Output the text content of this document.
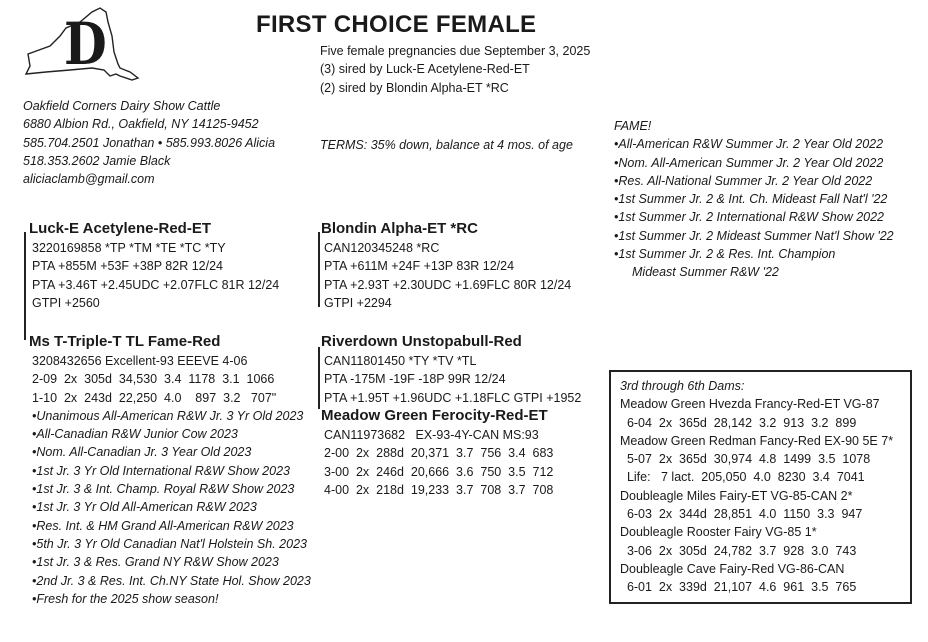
D	FIRST CHOICE FEMALE
Five female pregnancies due September 3, 2025
(3) sired by Luck-E Acetylene-Red-ET
(2) sired by Blondin Alpha-ET *RC
TERMS: 35% down, balance at 4 mos. of age
Oakfield Corners Dairy Show Cattle
6880 Albion Rd., Oakfield, NY 14125-9452
585.704.2501 Jonathan • 585.993.8026 Alicia
518.353.2602 Jamie Black
aliciaclamb@gmail.com
FAME!
•All-American R&W Summer Jr. 2 Year Old 2022
•Nom. All-American Summer Jr. 2 Year Old 2022
•Res. All-National Summer Jr. 2 Year Old 2022
•1st Summer Jr. 2 & Int. Ch. Mideast Fall Nat'l '22
•1st Summer Jr. 2 International R&W Show 2022
•1st Summer Jr. 2 Mideast Summer Nat'l Show '22
•1st Summer Jr. 2 & Res. Int. Champion
Mideast Summer R&W '22
Luck-E Acetylene-Red-ET
3220169858 *TP *TM *TE *TC *TY
PTA +855M +53F +38P 82R 12/24
PTA +3.46T +2.45UDC +2.07FLC 81R 12/24
GTPI +2560
Ms T-Triple-T TL Fame-Red
3208432656 Excellent-93 EEEVE 4-06
2-09  2x  305d  34,530  3.4  1178  3.1  1066
1-10  2x  243d  22,250  4.0    897  3.2   707"
•Unanimous All-American R&W Jr. 3 Yr Old 2023
•All-Canadian R&W Junior Cow 2023
•Nom. All-Canadian Jr. 3 Year Old 2023
•1st Jr. 3 Yr Old International R&W Show 2023
•1st Jr. 3 & Int. Champ. Royal R&W Show 2023
•1st Jr. 3 Yr Old All-American R&W 2023
•Res. Int. & HM Grand All-American R&W 2023
•5th Jr. 3 Yr Old Canadian Nat'l Holstein Sh. 2023
•1st Jr. 3 & Res. Grand NY R&W Show 2023
•2nd Jr. 3 & Res. Int. Ch.NY State Hol. Show 2023
•Fresh for the 2025 show season!
Blondin Alpha-ET *RC
CAN120345248 *RC
PTA +611M +24F +13P 83R 12/24
PTA +2.93T +2.30UDC +1.69FLC 80R 12/24
GTPI +2294
Riverdown Unstopabull-Red
CAN11801450 *TY *TV *TL
PTA -175M -19F -18P 99R 12/24
PTA +1.95T +1.96UDC +1.18FLC GTPI +1952
Meadow Green Ferocity-Red-ET
CAN11973682   EX-93-4Y-CAN MS:93
2-00  2x  288d  20,371  3.7  756  3.4  683
3-00  2x  246d  20,666  3.6  750  3.5  712
4-00  2x  218d  19,233  3.7  708  3.7  708
3rd through 6th Dams:
Meadow Green Hvezda Francy-Red-ET VG-87
6-04  2x  365d  28,142  3.2  913  3.2  899
Meadow Green Redman Fancy-Red EX-90 5E 7*
5-07  2x  365d  30,974  4.8  1499  3.5  1078
Life:   7 lact.  205,050  4.0  8230  3.4  7041
Doubleagle Miles Fairy-ET VG-85-CAN 2*
6-03  2x  344d  28,851  4.0  1150  3.3  947
Doubleagle Rooster Fairy VG-85 1*
3-06  2x  305d  24,782  3.7  928  3.0  743
Doubleagle Cave Fairy-Red VG-86-CAN
6-01  2x  339d  21,107  4.6  961  3.5  765
